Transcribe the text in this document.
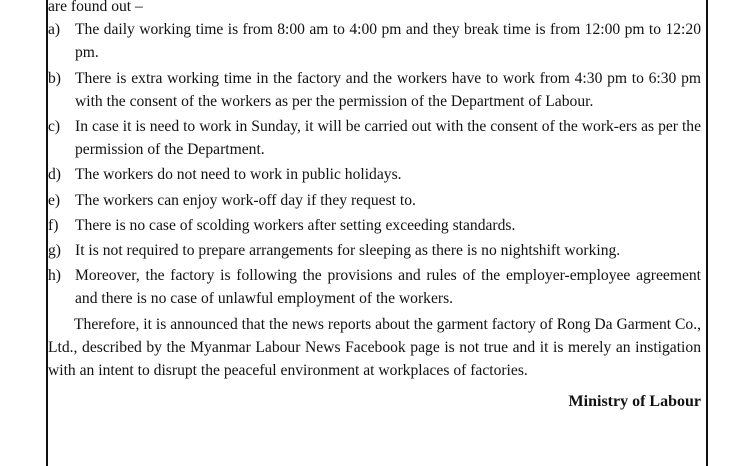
are found out –

a) The daily working time is from 8:00 am to 4:00 pm and they break time is from 12:00 pm to 12:20 pm.
b) There is extra working time in the factory and the workers have to work from 4:30 pm to 6:30 pm with the consent of the workers as per the permission of the Department of Labour.
c) In case it is need to work in Sunday, it will be carried out with the consent of the work-ers as per the permission of the Department.
d) The workers do not need to work in public holidays.
e) The workers can enjoy work-off day if they request to.
f) There is no case of scolding workers after setting exceeding standards.
g) It is not required to prepare arrangements for sleeping as there is no nightshift working.
h) Moreover, the factory is following the provisions and rules of the employer-employee agreement and there is no case of unlawful employment of the workers.

Therefore, it is announced that the news reports about the garment factory of Rong Da Garment Co., Ltd., described by the Myanmar Labour News Facebook page is not true and it is merely an instigation with an intent to disrupt the peaceful environment at workplaces of factories.

Ministry of Labour
